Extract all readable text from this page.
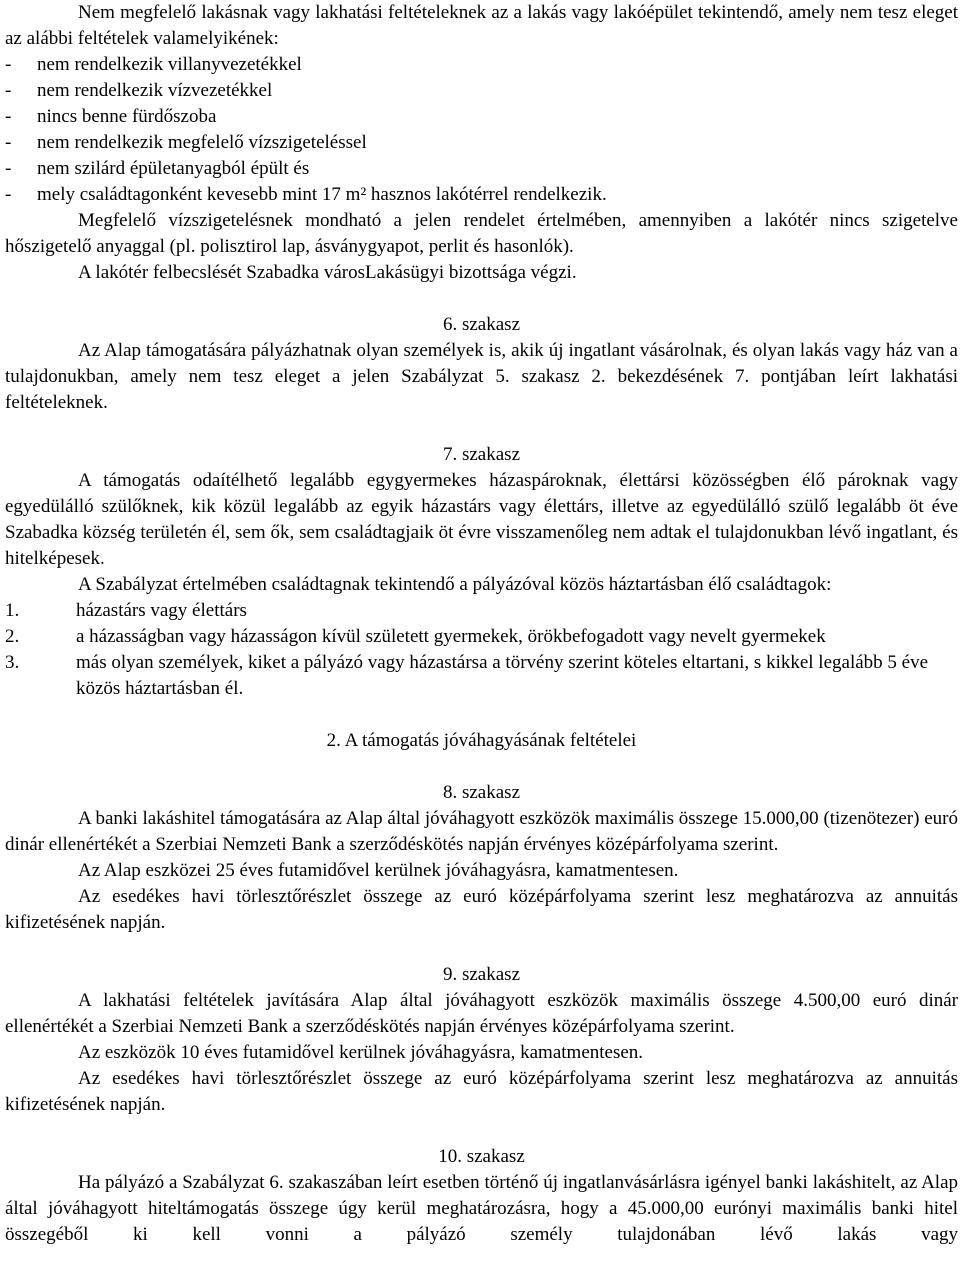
Nem megfelelő lakásnak vagy lakhatási feltételeknek az a lakás vagy lakóépület tekintendő, amely nem tesz eleget az alábbi feltételek valamelyikének:

-	nem rendelkezik villanyvezetékkel
-	nem rendelkezik vízvezetékkel
-	nincs benne fürdőszoba
-	nem rendelkezik megfelelő vízszigeteléssel
-	nem szilárd épületanyagból épült és
-	mely családtagonként kevesebb mint 17 m² hasznos lakótérrel rendelkezik.

Megfelelő vízszigetelésnek mondható a jelen rendelet értelmében, amennyiben a lakótér nincs szigetelve hőszigetelő anyaggal (pl. polisztirol lap, ásványgyapot, perlit és hasonlók).

A lakótér felbecslését Szabadka városLakásügyi bizottsága végzi.

6. szakasz

Az Alap támogatására pályázhatnak olyan személyek is, akik új ingatlant vásárolnak, és olyan lakás vagy ház van a tulajdonukban, amely nem tesz eleget a jelen Szabályzat 5. szakasz 2. bekezdésének 7. pontjában leírt lakhatási feltételeknek.

7. szakasz

A támogatás odaítélhető legalább egygyermekes házaspároknak, élettársi közösségben élő pároknak vagy egyedülálló szülőknek, kik közül legalább az egyik házastárs vagy élettárs, illetve az egyedülálló szülő legalább öt éve Szabadka község területén él, sem ők, sem családtagjaik öt évre visszamenőleg nem adtak el tulajdonukban lévő ingatlant, és hitelképesek.

A Szabályzat értelmében családtagnak tekintendő a pályázóval közös háztartásban élő családtagok:

1.	házastárs vagy élettárs
2.	a házasságban vagy házasságon kívül született gyermekek, örökbefogadott vagy nevelt gyermekek
3.	más olyan személyek, kiket a pályázó vagy házastársa a törvény szerint köteles eltartani, s kikkel legalább 5 éve közös háztartásban él.

2. A támogatás jóváhagyásának feltételei

8. szakasz

A banki lakáshitel támogatására az Alap által jóváhagyott eszközök maximális összege 15.000,00 (tizenötezer) euró dinár ellenértékét a Szerbiai Nemzeti Bank a szerződéskötés napján érvényes középárfolyama szerint.

Az Alap eszközei 25 éves futamidővel kerülnek jóváhagyásra, kamatmentesen.

Az esedékes havi törlesztőrészlet összege az euró középárfolyama szerint lesz meghatározva az annuitás kifizetésének napján.

9. szakasz

A lakhatási feltételek javítására Alap által jóváhagyott eszközök maximális összege 4.500,00 euró dinár ellenértékét a Szerbiai Nemzeti Bank a szerződéskötés napján érvényes középárfolyama szerint.

Az eszközök 10 éves futamidővel kerülnek jóváhagyásra, kamatmentesen.

Az esedékes havi törlesztőrészlet összege az euró középárfolyama szerint lesz meghatározva az annuitás kifizetésének napján.

10. szakasz

Ha pályázó a Szabályzat 6. szakaszában leírt esetben történő új ingatlanvásárlásra igényel banki lakáshitelt, az Alap által jóváhagyott hiteltámogatás összege úgy kerül meghatározásra, hogy a 45.000,00 eurónyi maximális banki hitel összegéből ki kell vonni a pályázó személy tulajdonában lévő lakás vagy
